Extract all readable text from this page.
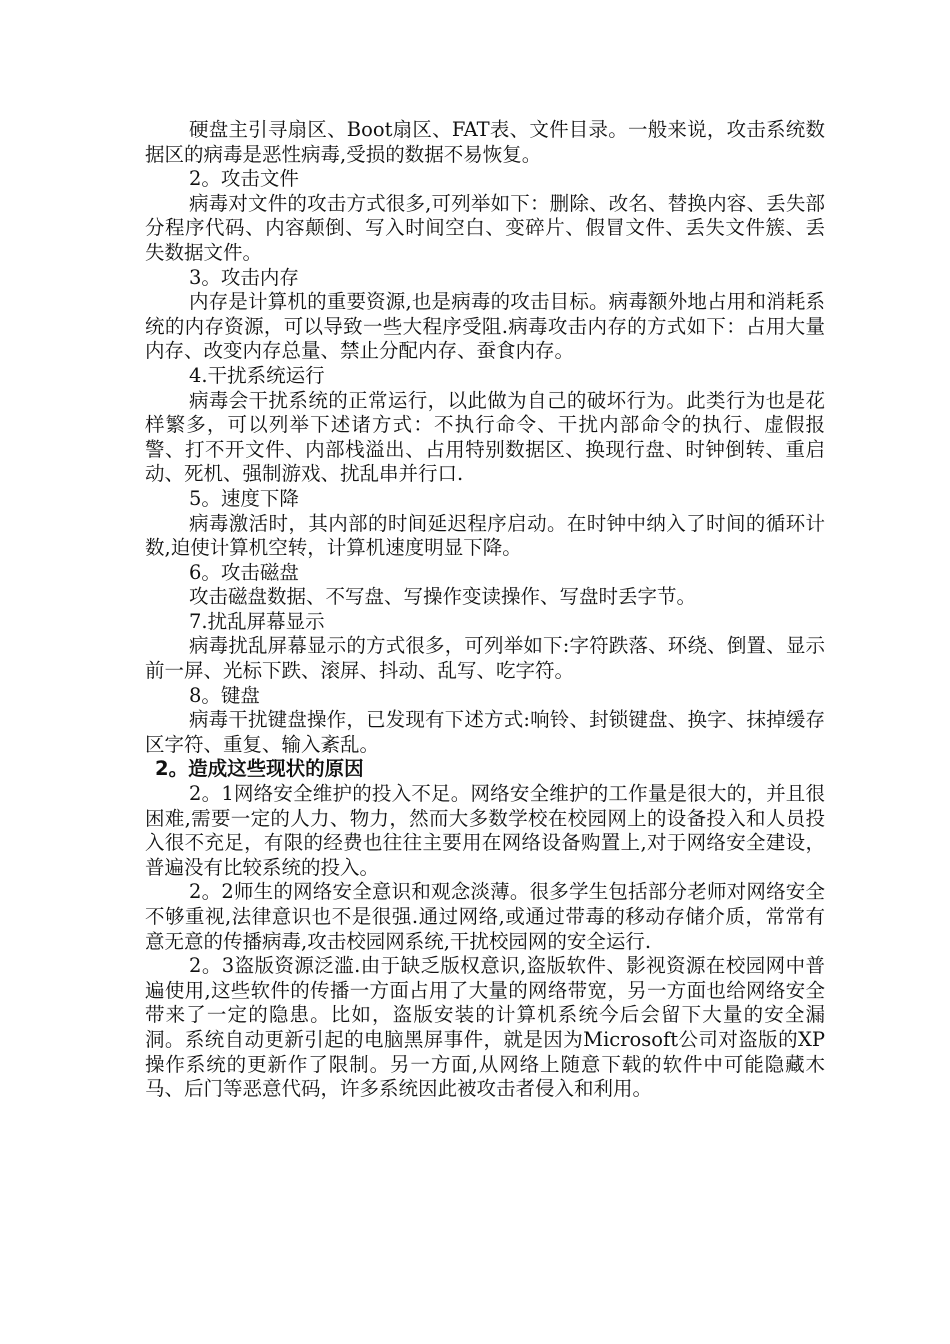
硬盘主引寻扇区、Boot扇区、FAT表、文件目录。一般来说，攻击系统数据区的病毒是恶性病毒,受损的数据不易恢复。

2。攻击文件

病毒对文件的攻击方式很多,可列举如下：删除、改名、替换内容、丢失部分程序代码、内容颠倒、写入时间空白、变碎片、假冒文件、丢失文件簇、丢失数据文件。

3。攻击内存

内存是计算机的重要资源,也是病毒的攻击目标。病毒额外地占用和消耗系统的内存资源，可以导致一些大程序受阻.病毒攻击内存的方式如下：占用大量内存、改变内存总量、禁止分配内存、蚕食内存。

4.干扰系统运行

病毒会干扰系统的正常运行，以此做为自己的破坏行为。此类行为也是花样繁多，可以列举下述诸方式：不执行命令、干扰内部命令的执行、虚假报警、打不开文件、内部栈溢出、占用特别数据区、换现行盘、时钟倒转、重启动、死机、强制游戏、扰乱串并行口.

5。速度下降

病毒激活时，其内部的时间延迟程序启动。在时钟中纳入了时间的循环计数,迫使计算机空转，计算机速度明显下降。

6。攻击磁盘

攻击磁盘数据、不写盘、写操作变读操作、写盘时丢字节。

7.扰乱屏幕显示

病毒扰乱屏幕显示的方式很多，可列举如下:字符跌落、环绕、倒置、显示前一屏、光标下跌、滚屏、抖动、乱写、吃字符。

8。键盘

病毒干扰键盘操作，已发现有下述方式:响铃、封锁键盘、换字、抹掉缓存区字符、重复、输入紊乱。

2。造成这些现状的原因

2。1网络安全维护的投入不足。网络安全维护的工作量是很大的，并且很困难,需要一定的人力、物力，然而大多数学校在校园网上的设备投入和人员投入很不充足，有限的经费也往往主要用在网络设备购置上,对于网络安全建设，普遍没有比较系统的投入。

2。2师生的网络安全意识和观念淡薄。很多学生包括部分老师对网络安全不够重视,法律意识也不是很强.通过网络,或通过带毒的移动存储介质，常常有意无意的传播病毒,攻击校园网系统,干扰校园网的安全运行.

2。3盗版资源泛滥.由于缺乏版权意识,盗版软件、影视资源在校园网中普遍使用,这些软件的传播一方面占用了大量的网络带宽，另一方面也给网络安全带来了一定的隐患。比如，盗版安装的计算机系统今后会留下大量的安全漏洞。系统自动更新引起的电脑黑屏事件，就是因为Microsoft公司对盗版的XP操作系统的更新作了限制。另一方面,从网络上随意下载的软件中可能隐藏木马、后门等恶意代码，许多系统因此被攻击者侵入和利用。
